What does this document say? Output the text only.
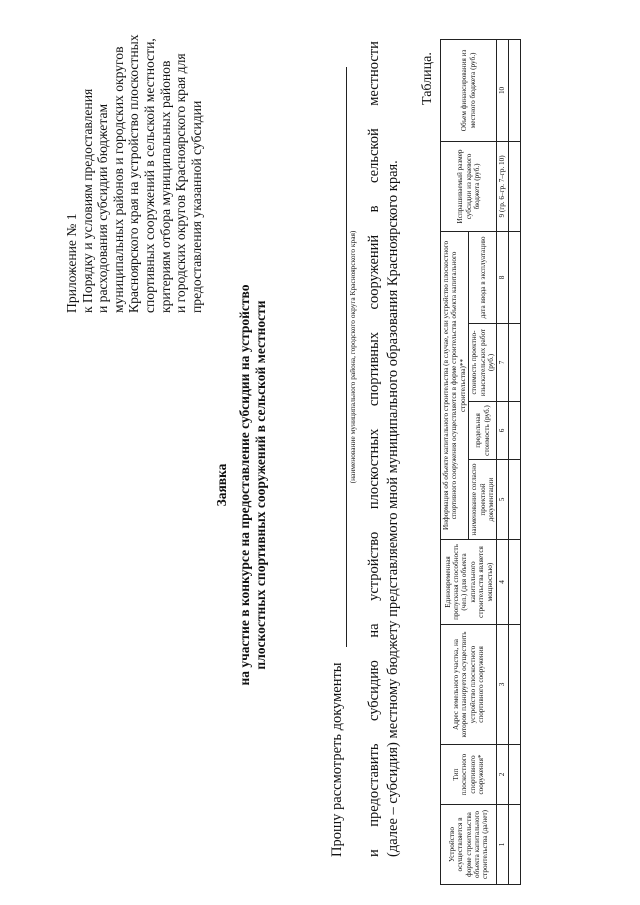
Приложение № 1 к Порядку и условиям предоставления и расходования субсидии бюджетам муниципальных районов и городских округов Красноярского края на устройство плоскостных спортивных сооружений в сельской местности, критериям отбора муниципальных районов и городских округов Красноярского края для предоставления указанной субсидии
Заявка на участие в конкурсе на предоставление субсидии на устройство плоскостных спортивных сооружений в сельской местности
Прошу рассмотреть документы
(наименование муниципального района, городского округа Красноярского края)
и
предоставить
субсидию
на
устройство
плоскостных
спортивных
сооружений
в
сельской
местности
(далее – субсидия) местному бюджету представляемого мной муниципального образования Красноярского края.
Таблица.
Устройство осуществляется в форме строительства объекта капитального строительства (да/нет)	Тип плоскостного спортивного сооружения*	Адрес земельного участка, на котором планируется осуществить устройство плоскостного спортивного сооружения	Единовременная пропускная способность (чел.) (для объекта капитального строительства является мощностью)	Информация об объекте капитального строительства (в случае, если устройство плоскостного спортивного сооружения осуществляется в форме строительства объекта капитального строительства)**				Испрашиваемый размер субсидии из краевого бюджета (руб.)	Объем финансирования из местного бюджета (руб.)
				наименование согласно проектной документации	предельная стоимость (руб.)	стоимость проектно-изыскательских работ (руб.)	дата ввода в эксплуатацию		
1	2	3	4	5	6	7	8	9 (гр. 6–гр. 7–гр. 10)	10
